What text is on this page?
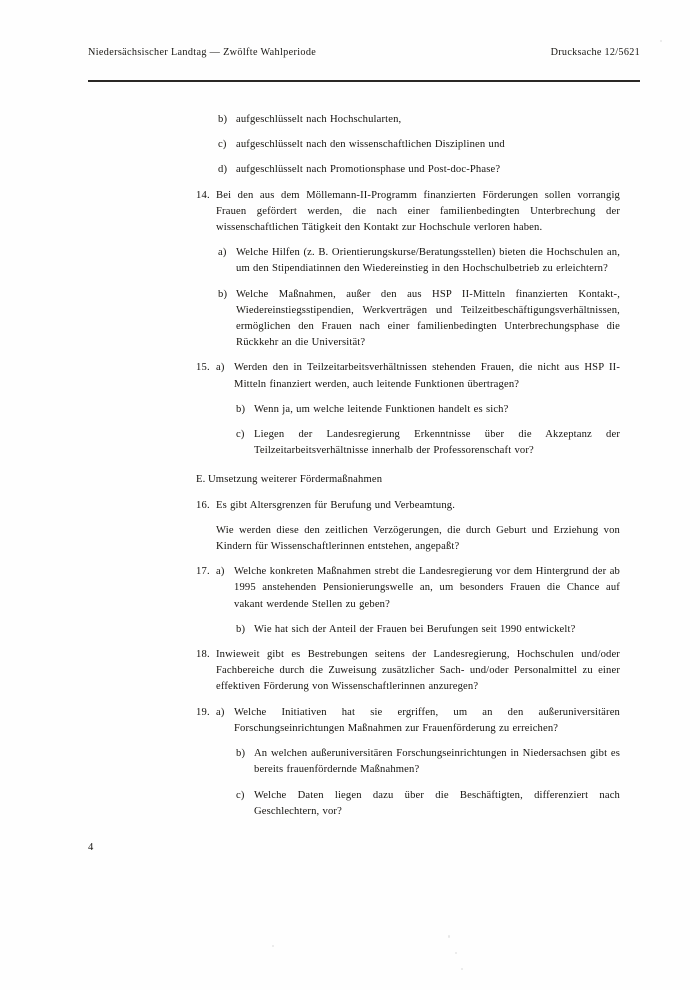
Niedersächsischer Landtag — Zwölfte Wahlperiode	Drucksache 12/5621
b) aufgeschlüsselt nach Hochschularten,
c) aufgeschlüsselt nach den wissenschaftlichen Disziplinen und
d) aufgeschlüsselt nach Promotionsphase und Post-doc-Phase?
14. Bei den aus dem Möllemann-II-Programm finanzierten Förderungen sollen vorrangig Frauen gefördert werden, die nach einer familienbedingten Unterbrechung der wissenschaftlichen Tätigkeit den Kontakt zur Hochschule verloren haben.
a) Welche Hilfen (z. B. Orientierungskurse/Beratungsstellen) bieten die Hochschulen an, um den Stipendiatinnen den Wiedereinstieg in den Hochschulbetrieb zu erleichtern?
b) Welche Maßnahmen, außer den aus HSP II-Mitteln finanzierten Kontakt-, Wiedereinstiegsstipendien, Werkverträgen und Teilzeitbeschäftigungsverhältnissen, ermöglichen den Frauen nach einer familienbedingten Unterbrechungsphase die Rückkehr an die Universität?
15. a) Werden den in Teilzeitarbeitsverhältnissen stehenden Frauen, die nicht aus HSP II-Mitteln finanziert werden, auch leitende Funktionen übertragen?
b) Wenn ja, um welche leitende Funktionen handelt es sich?
c) Liegen der Landesregierung Erkenntnisse über die Akzeptanz der Teilzeitarbeitsverhältnisse innerhalb der Professorenschaft vor?
E. Umsetzung weiterer Fördermaßnahmen
16. Es gibt Altersgrenzen für Berufung und Verbeamtung.
Wie werden diese den zeitlichen Verzögerungen, die durch Geburt und Erziehung von Kindern für Wissenschaftlerinnen entstehen, angepaßt?
17. a) Welche konkreten Maßnahmen strebt die Landesregierung vor dem Hintergrund der ab 1995 anstehenden Pensionierungswelle an, um besonders Frauen die Chance auf vakant werdende Stellen zu geben?
b) Wie hat sich der Anteil der Frauen bei Berufungen seit 1990 entwickelt?
18. Inwieweit gibt es Bestrebungen seitens der Landesregierung, Hochschulen und/oder Fachbereiche durch die Zuweisung zusätzlicher Sach- und/oder Personalmittel zu einer effektiven Förderung von Wissenschaftlerinnen anzuregen?
19. a) Welche Initiativen hat sie ergriffen, um an den außeruniversitären Forschungseinrichtungen Maßnahmen zur Frauenförderung zu erreichen?
b) An welchen außeruniversitären Forschungseinrichtungen in Niedersachsen gibt es bereits frauenfördernde Maßnahmen?
c) Welche Daten liegen dazu über die Beschäftigten, differenziert nach Geschlechtern, vor?
4
